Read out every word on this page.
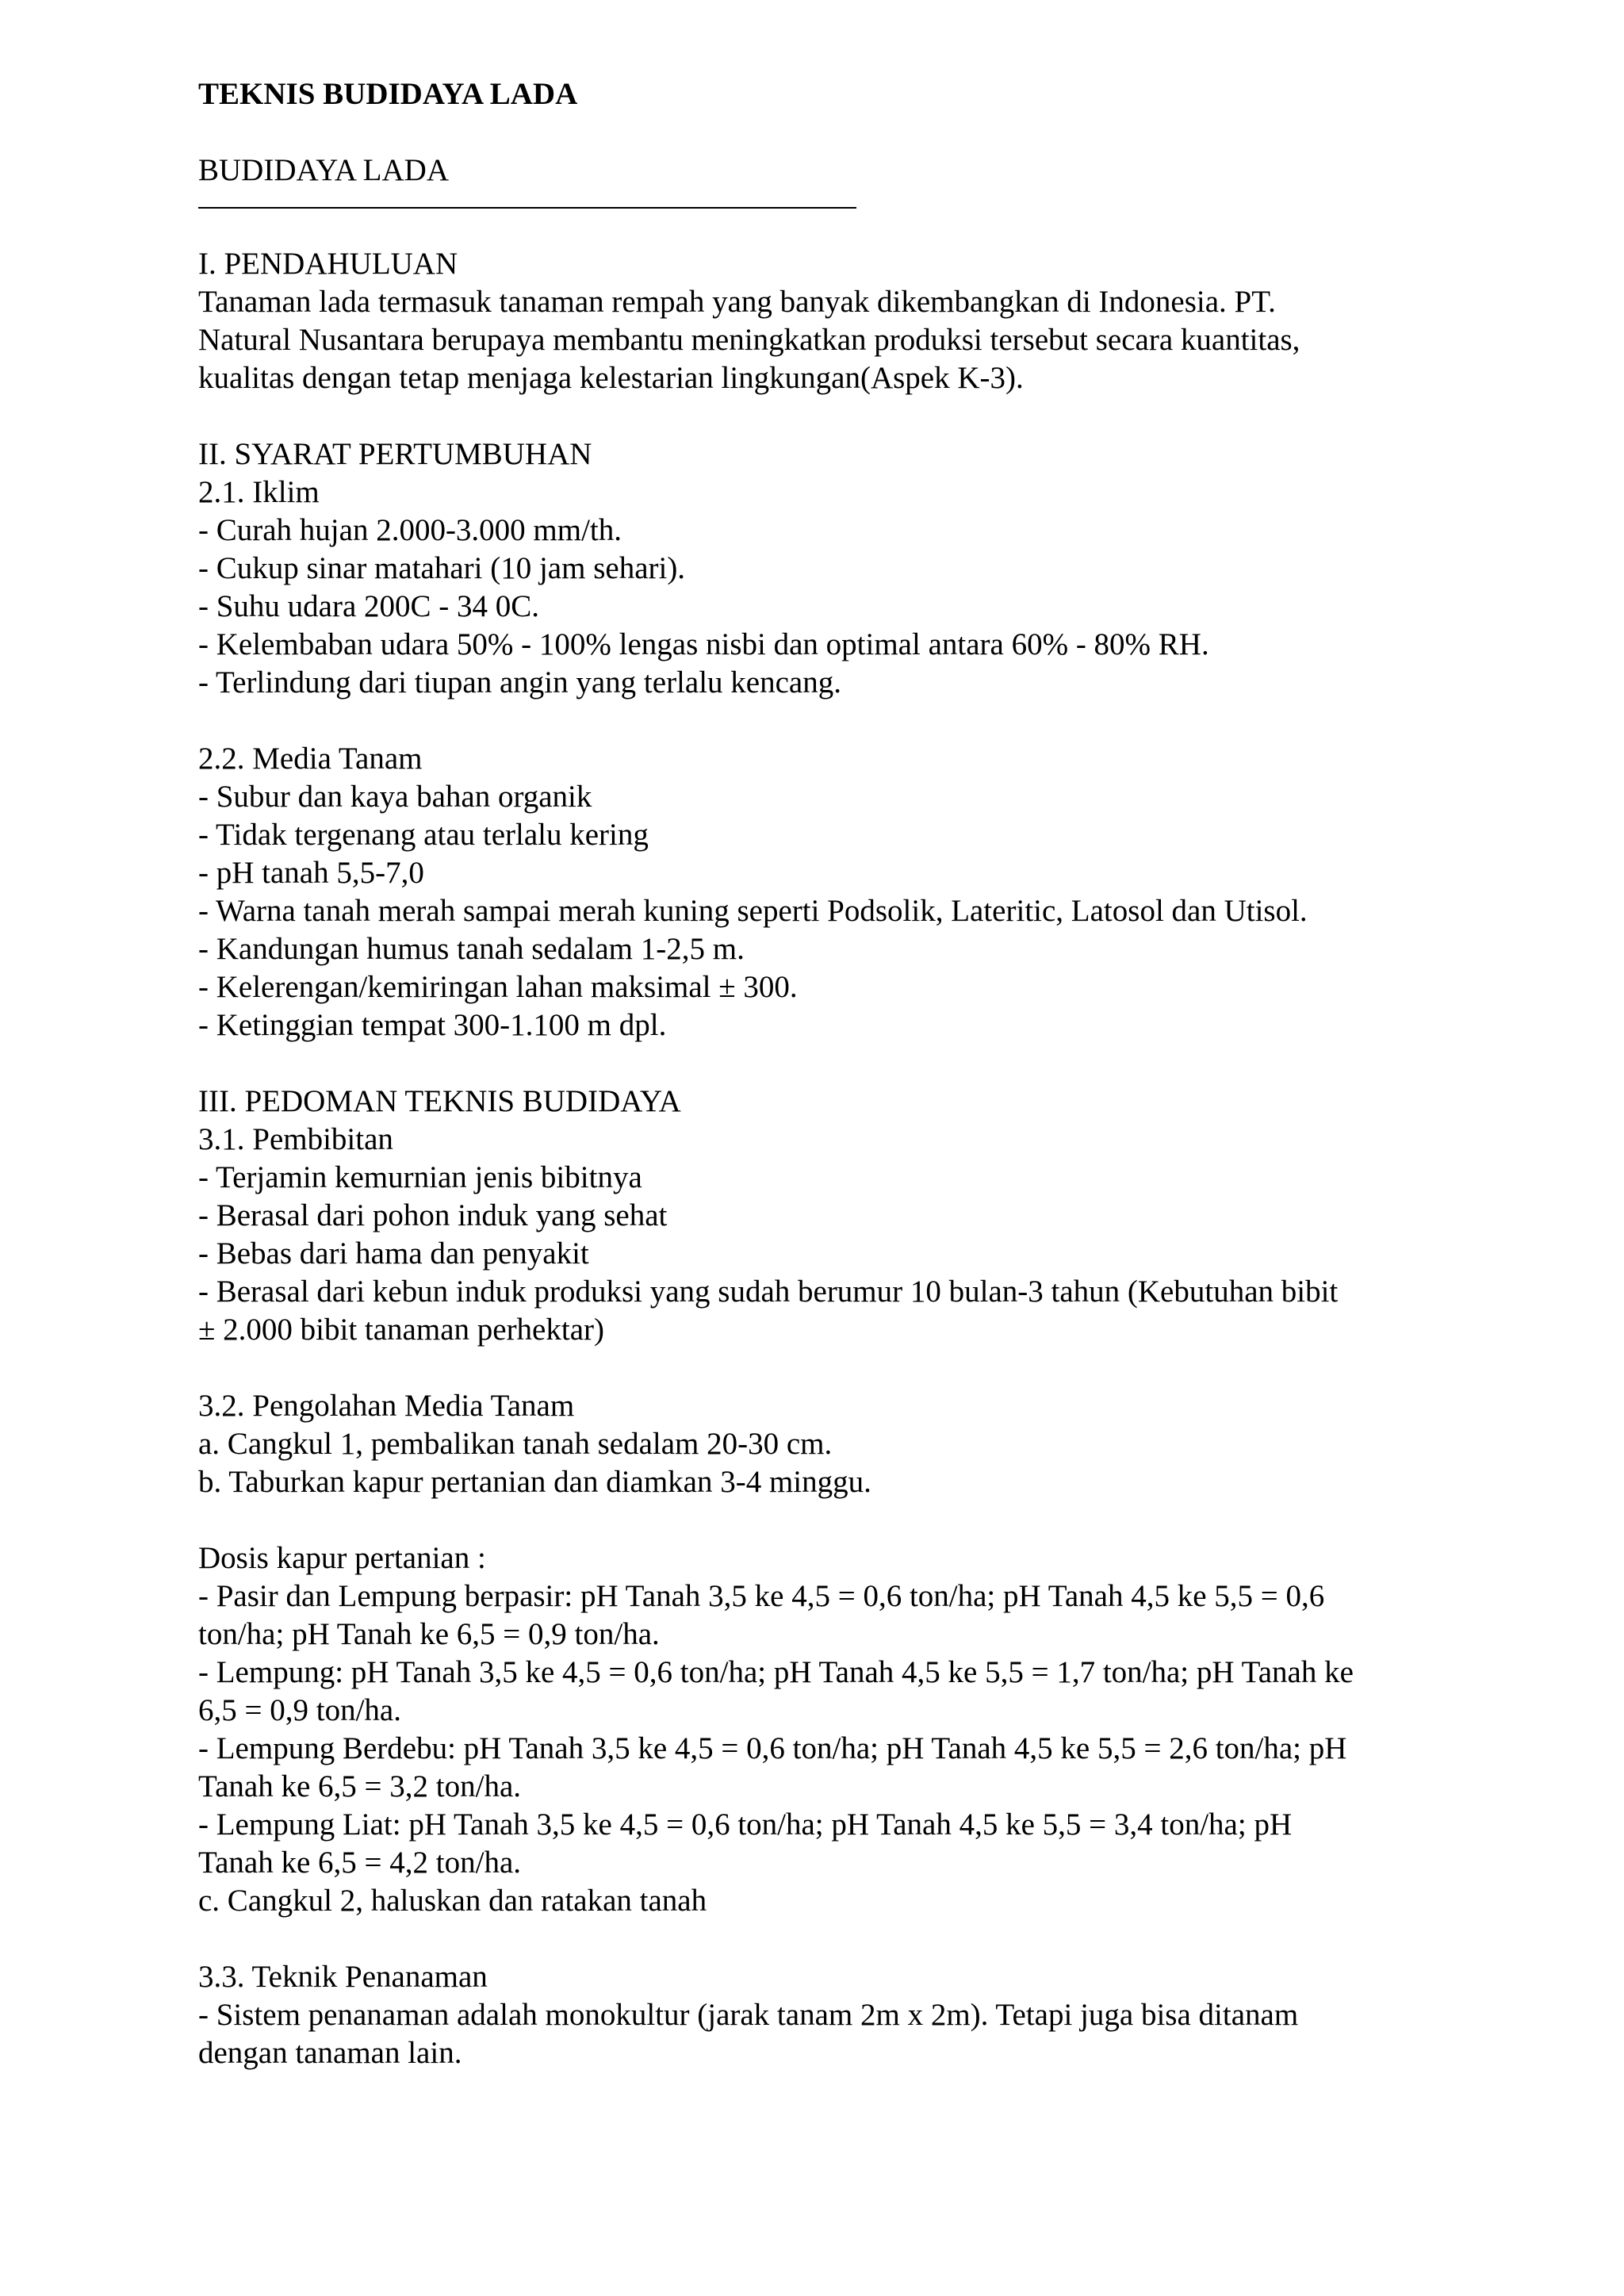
TEKNIS BUDIDAYA LADA
BUDIDAYA LADA
I. PENDAHULUAN
Tanaman lada termasuk tanaman rempah yang banyak dikembangkan di Indonesia. PT.
Natural Nusantara berupaya membantu meningkatkan produksi tersebut secara kuantitas,
kualitas dengan tetap menjaga kelestarian lingkungan(Aspek K-3).
II. SYARAT PERTUMBUHAN
2.1. Iklim
- Curah hujan 2.000-3.000 mm/th.
- Cukup sinar matahari (10 jam sehari).
- Suhu udara 200C - 34 0C.
- Kelembaban udara 50% - 100% lengas nisbi dan optimal antara 60% - 80% RH.
- Terlindung dari tiupan angin yang terlalu kencang.
2.2. Media Tanam
- Subur dan kaya bahan organik
- Tidak tergenang atau terlalu kering
- pH tanah 5,5-7,0
- Warna tanah merah sampai merah kuning seperti Podsolik, Lateritic, Latosol dan Utisol.
- Kandungan humus tanah sedalam 1-2,5 m.
- Kelerengan/kemiringan lahan maksimal ± 300.
- Ketinggian tempat 300-1.100 m dpl.
III. PEDOMAN TEKNIS BUDIDAYA
3.1. Pembibitan
- Terjamin kemurnian jenis bibitnya
- Berasal dari pohon induk yang sehat
- Bebas dari hama dan penyakit
- Berasal dari kebun induk produksi yang sudah berumur 10 bulan-3 tahun (Kebutuhan bibit
± 2.000 bibit tanaman perhektar)
3.2. Pengolahan Media Tanam
a. Cangkul 1, pembalikan tanah sedalam 20-30 cm.
b. Taburkan kapur pertanian dan diamkan 3-4 minggu.
Dosis kapur pertanian :
- Pasir dan Lempung berpasir: pH Tanah 3,5 ke 4,5 = 0,6 ton/ha; pH Tanah 4,5 ke 5,5 = 0,6
ton/ha; pH Tanah ke 6,5 = 0,9 ton/ha.
- Lempung: pH Tanah 3,5 ke 4,5 = 0,6 ton/ha; pH Tanah 4,5 ke 5,5 = 1,7 ton/ha; pH Tanah ke
6,5 = 0,9 ton/ha.
- Lempung Berdebu: pH Tanah 3,5 ke 4,5 = 0,6 ton/ha; pH Tanah 4,5 ke 5,5 = 2,6 ton/ha; pH
Tanah ke 6,5 = 3,2 ton/ha.
- Lempung Liat: pH Tanah 3,5 ke 4,5 = 0,6 ton/ha; pH Tanah 4,5 ke 5,5 = 3,4 ton/ha; pH
Tanah ke 6,5 = 4,2 ton/ha.
c. Cangkul 2, haluskan dan ratakan tanah
3.3. Teknik Penanaman
- Sistem penanaman adalah monokultur (jarak tanam 2m x 2m). Tetapi juga bisa ditanam
dengan tanaman lain.
